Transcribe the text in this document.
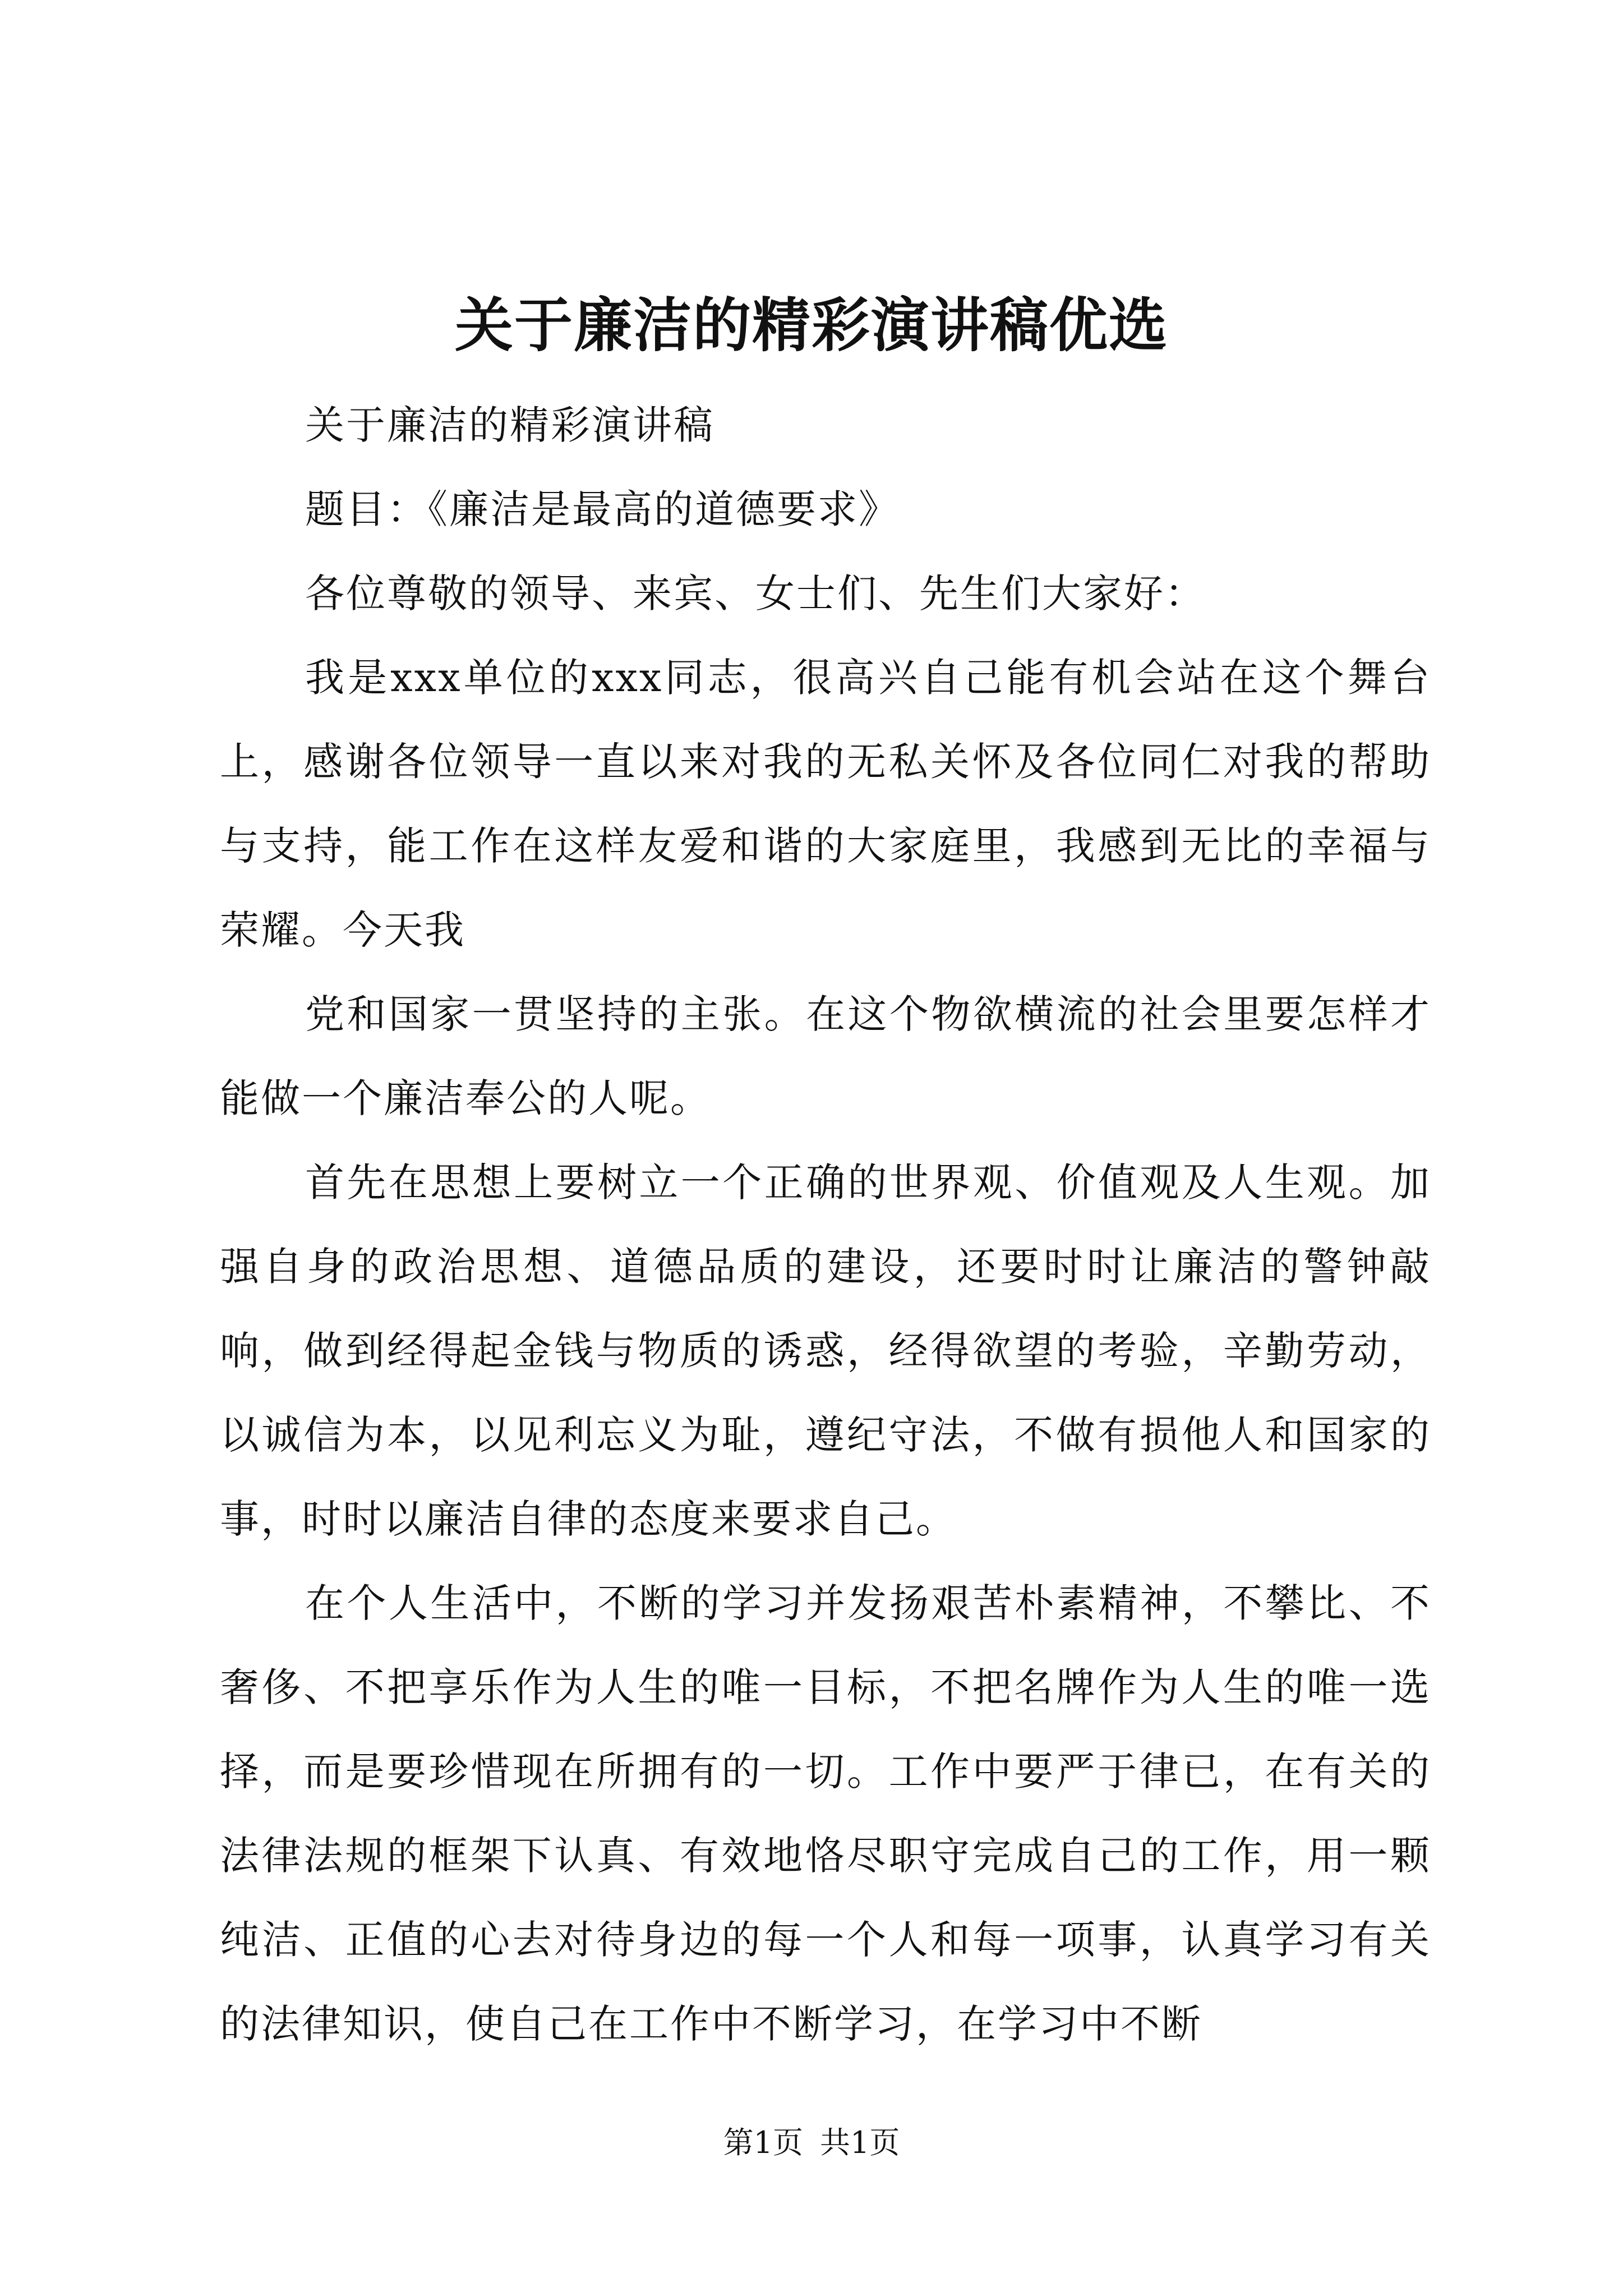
关于廉洁的精彩演讲稿优选

关于廉洁的精彩演讲稿

题目：《廉洁是最高的道德要求》

各位尊敬的领导、来宾、女士们、先生们大家好：

我是xxx单位的xxx同志，很高兴自己能有机会站在这个舞台上，感谢各位领导一直以来对我的无私关怀及各位同仁对我的帮助与支持，能工作在这样友爱和谐的大家庭里，我感到无比的幸福与荣耀。今天我

党和国家一贯坚持的主张。在这个物欲横流的社会里要怎样才能做一个廉洁奉公的人呢。

首先在思想上要树立一个正确的世界观、价值观及人生观。加强自身的政治思想、道德品质的建设，还要时时让廉洁的警钟敲响，做到经得起金钱与物质的诱惑，经得欲望的考验，辛勤劳动，以诚信为本，以见利忘义为耻，遵纪守法，不做有损他人和国家的事，时时以廉洁自律的态度来要求自己。

在个人生活中，不断的学习并发扬艰苦朴素精神，不攀比、不奢侈、不把享乐作为人生的唯一目标，不把名牌作为人生的唯一选择，而是要珍惜现在所拥有的一切。工作中要严于律已，在有关的法律法规的框架下认真、有效地恪尽职守完成自己的工作，用一颗纯洁、正值的心去对待身边的每一个人和每一项事，认真学习有关的法律知识，使自己在工作中不断学习，在学习中不断

第1页 共1页
